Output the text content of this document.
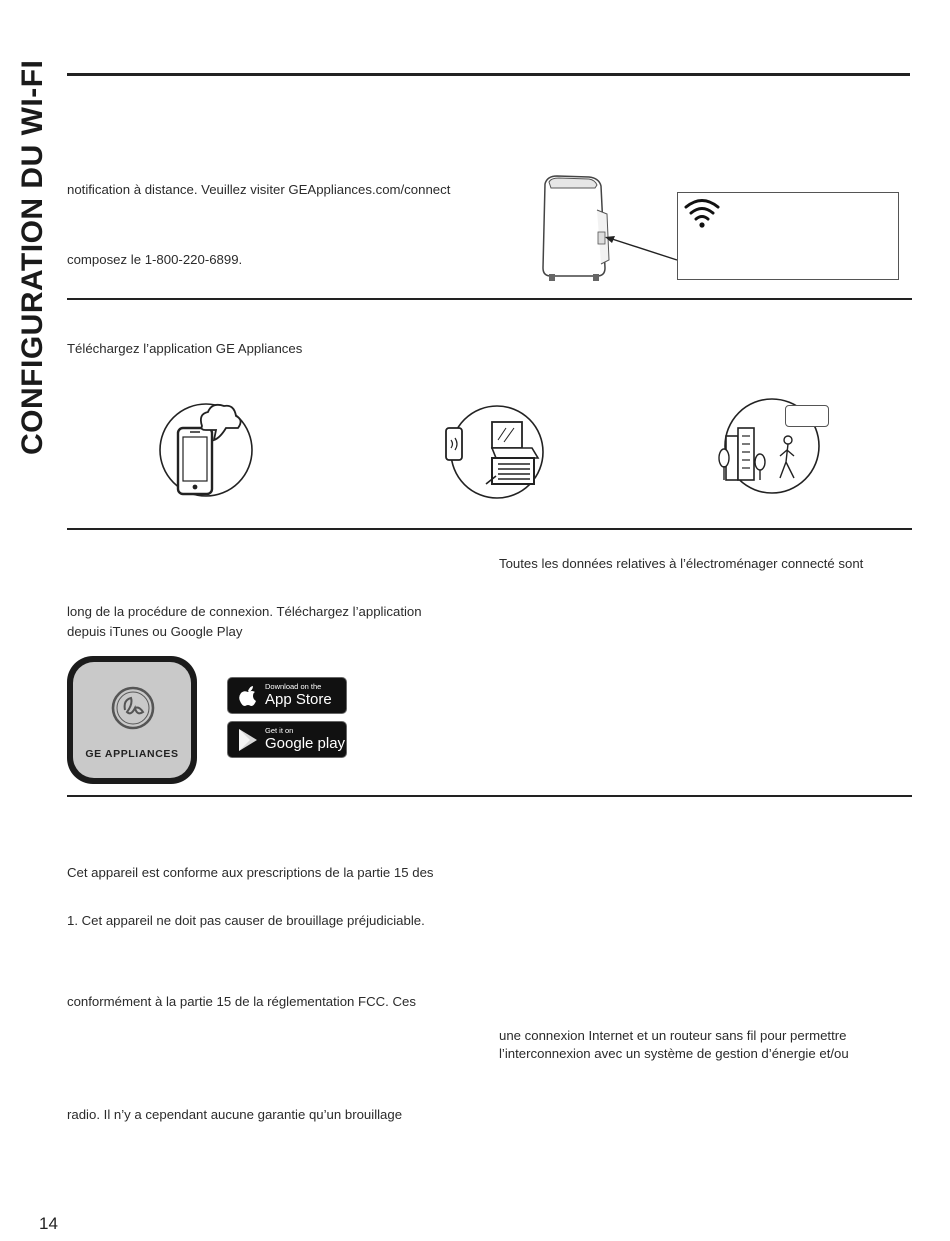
CONFIGURATION DU WI-FI	notification à distance. Veuillez visiter GEAppliances.com/connect
composez le 1-800-220-6899.
Téléchargez l’application GE Appliances
Toutes les données relatives à l’électroménager connecté sont
long de la procédure de connexion. Téléchargez l’application
depuis iTunes ou Google Play
GE APPLIANCES
Download on the
App Store
Get it on
Google play
Cet appareil est conforme aux prescriptions de la partie 15 des
1. Cet appareil ne doit pas causer de brouillage préjudiciable.
conformément à la partie 15 de la réglementation FCC. Ces
radio. Il n’y a cependant aucune garantie qu’un brouillage
une connexion Internet et un routeur sans fil pour permettre
l’interconnexion avec un système de gestion d’énergie et/ou
14
